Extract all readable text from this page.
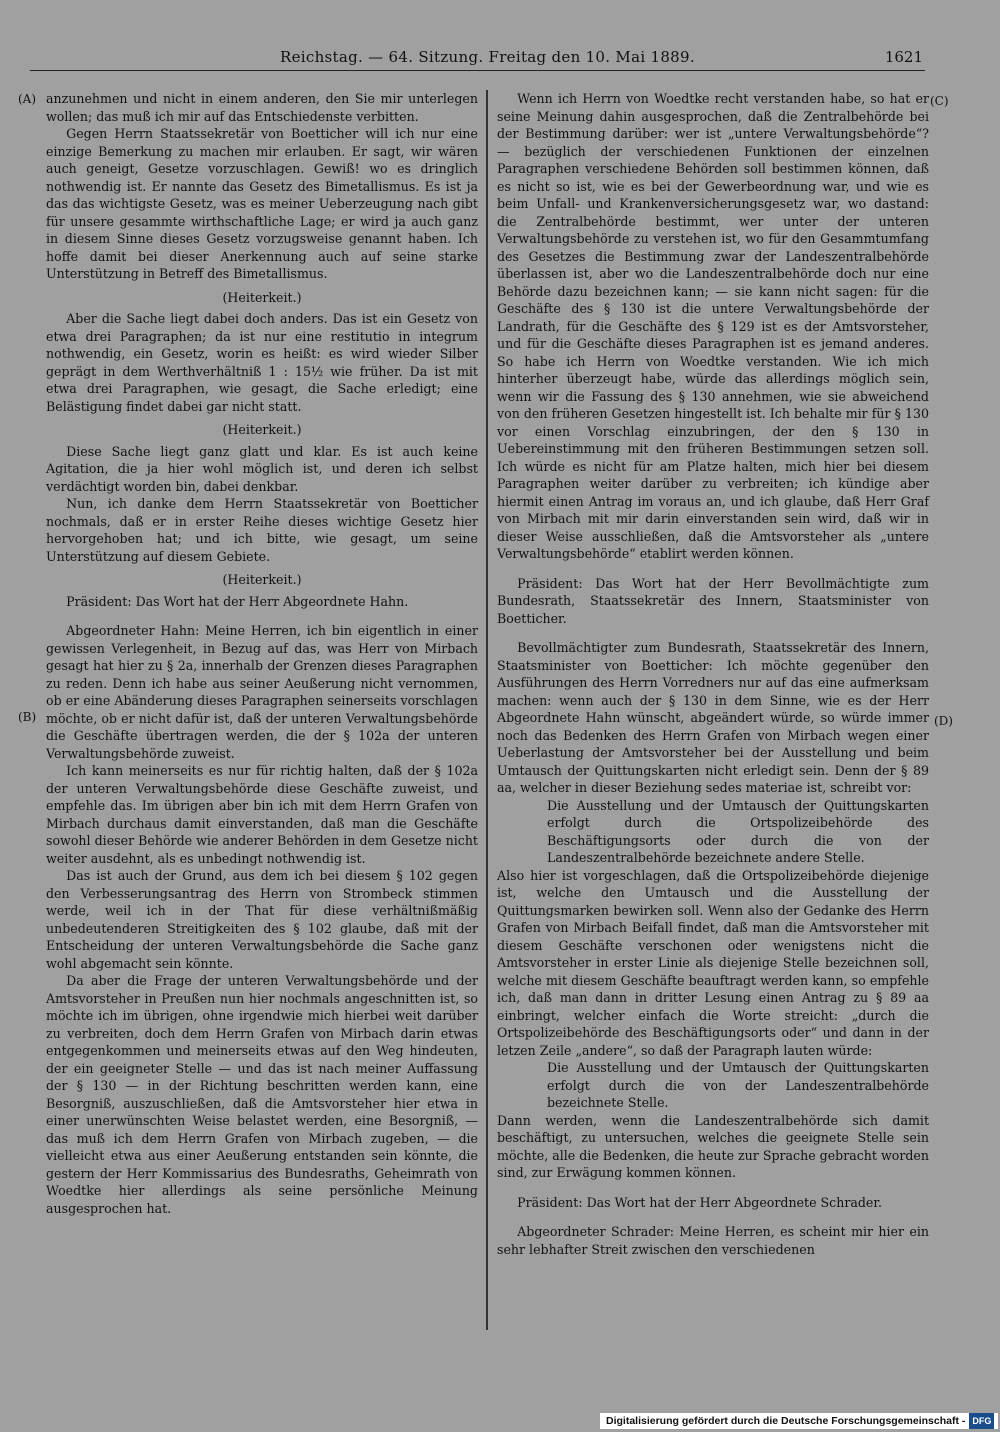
Reichstag. — 64. Sitzung. Freitag den 10. Mai 1889.	1621
(A)
(B)
(C)
(D)

anzunehmen und nicht in einem anderen, den Sie mir unterlegen wollen; das muß ich mir auf das Entschiedenste verbitten.

Gegen Herrn Staatssekretär von Boetticher will ich nur eine einzige Bemerkung zu machen mir erlauben. Er sagt, wir wären auch geneigt, Gesetze vorzuschlagen. Gewiß! wo es dringlich nothwendig ist. Er nannte das Gesetz des Bimetallismus. Es ist ja das das wichtigste Gesetz, was es meiner Ueberzeugung nach gibt für unsere gesammte wirthschaftliche Lage; er wird ja auch ganz in diesem Sinne dieses Gesetz vorzugsweise genannt haben. Ich hoffe damit bei dieser Anerkennung auch auf seine starke Unterstützung in Betreff des Bimetallismus.

(Heiterkeit.)

Aber die Sache liegt dabei doch anders. Das ist ein Gesetz von etwa drei Paragraphen; da ist nur eine restitutio in integrum nothwendig, ein Gesetz, worin es heißt: es wird wieder Silber geprägt in dem Werthverhältniß 1 : 15½ wie früher. Da ist mit etwa drei Paragraphen, wie gesagt, die Sache erledigt; eine Belästigung findet dabei gar nicht statt.

(Heiterkeit.)

Diese Sache liegt ganz glatt und klar. Es ist auch keine Agitation, die ja hier wohl möglich ist, und deren ich selbst verdächtigt worden bin, dabei denkbar.

Nun, ich danke dem Herrn Staatssekretär von Boetticher nochmals, daß er in erster Reihe dieses wichtige Gesetz hier hervorgehoben hat; und ich bitte, wie gesagt, um seine Unterstützung auf diesem Gebiete.

(Heiterkeit.)

Präsident: Das Wort hat der Herr Abgeordnete Hahn.

Abgeordneter Hahn: Meine Herren, ich bin eigentlich in einer gewissen Verlegenheit, in Bezug auf das, was Herr von Mirbach gesagt hat hier zu § 2a, innerhalb der Grenzen dieses Paragraphen zu reden. Denn ich habe aus seiner Aeußerung nicht vernommen, ob er eine Abänderung dieses Paragraphen seinerseits vorschlagen möchte, ob er nicht dafür ist, daß der unteren Verwaltungsbehörde die Geschäfte übertragen werden, die der § 102a der unteren Verwaltungsbehörde zuweist.

Ich kann meinerseits es nur für richtig halten, daß der § 102a der unteren Verwaltungsbehörde diese Geschäfte zuweist, und empfehle das. Im übrigen aber bin ich mit dem Herrn Grafen von Mirbach durchaus damit einverstanden, daß man die Geschäfte sowohl dieser Behörde wie anderer Behörden in dem Gesetze nicht weiter ausdehnt, als es unbedingt nothwendig ist.

Das ist auch der Grund, aus dem ich bei diesem § 102 gegen den Verbesserungsantrag des Herrn von Strombeck stimmen werde, weil ich in der That für diese verhältnißmäßig unbedeutenderen Streitigkeiten des § 102 glaube, daß mit der Entscheidung der unteren Verwaltungsbehörde die Sache ganz wohl abgemacht sein könnte.

Da aber die Frage der unteren Verwaltungsbehörde und der Amtsvorsteher in Preußen nun hier nochmals angeschnitten ist, so möchte ich im übrigen, ohne irgendwie mich hierbei weit darüber zu verbreiten, doch dem Herrn Grafen von Mirbach darin etwas entgegenkommen und meinerseits etwas auf den Weg hindeuten, der ein geeigneter Stelle — und das ist nach meiner Auffassung der § 130 — in der Richtung beschritten werden kann, eine Besorgniß, auszuschließen, daß die Amtsvorsteher hier etwa in einer unerwünschten Weise belastet werden, eine Besorgniß, — das muß ich dem Herrn Grafen von Mirbach zugeben, — die vielleicht etwa aus einer Aeußerung entstanden sein könnte, die gestern der Herr Kommissarius des Bundesraths, Geheimrath von Woedtke hier allerdings als seine persönliche Meinung ausgesprochen hat.

Wenn ich Herrn von Woedtke recht verstanden habe, so hat er seine Meinung dahin ausgesprochen, daß die Zentralbehörde bei der Bestimmung darüber: wer ist „untere Verwaltungsbehörde“? — bezüglich der verschiedenen Funktionen der einzelnen Paragraphen verschiedene Behörden soll bestimmen können, daß es nicht so ist, wie es bei der Gewerbeordnung war, und wie es beim Unfall- und Krankenversicherungsgesetz war, wo dastand: die Zentralbehörde bestimmt, wer unter der unteren Verwaltungsbehörde zu verstehen ist, wo für den Gesammtumfang des Gesetzes die Bestimmung zwar der Landeszentralbehörde überlassen ist, aber wo die Landeszentralbehörde doch nur eine Behörde dazu bezeichnen kann; — sie kann nicht sagen: für die Geschäfte des § 130 ist die untere Verwaltungsbehörde der Landrath, für die Geschäfte des § 129 ist es der Amtsvorsteher, und für die Geschäfte dieses Paragraphen ist es jemand anderes. So habe ich Herrn von Woedtke verstanden. Wie ich mich hinterher überzeugt habe, würde das allerdings möglich sein, wenn wir die Fassung des § 130 annehmen, wie sie abweichend von den früheren Gesetzen hingestellt ist. Ich behalte mir für § 130 vor einen Vorschlag einzubringen, der den § 130 in Uebereinstimmung mit den früheren Bestimmungen setzen soll. Ich würde es nicht für am Platze halten, mich hier bei diesem Paragraphen weiter darüber zu verbreiten; ich kündige aber hiermit einen Antrag im voraus an, und ich glaube, daß Herr Graf von Mirbach mit mir darin einverstanden sein wird, daß wir in dieser Weise ausschließen, daß die Amtsvorsteher als „untere Verwaltungsbehörde“ etablirt werden können.

Präsident: Das Wort hat der Herr Bevollmächtigte zum Bundesrath, Staatssekretär des Innern, Staatsminister von Boetticher.

Bevollmächtigter zum Bundesrath, Staatssekretär des Innern, Staatsminister von Boetticher: Ich möchte gegenüber den Ausführungen des Herrn Vorredners nur auf das eine aufmerksam machen: wenn auch der § 130 in dem Sinne, wie es der Herr Abgeordnete Hahn wünscht, abgeändert würde, so würde immer noch das Bedenken des Herrn Grafen von Mirbach wegen einer Ueberlastung der Amtsvorsteher bei der Ausstellung und beim Umtausch der Quittungskarten nicht erledigt sein. Denn der § 89 aa, welcher in dieser Beziehung sedes materiae ist, schreibt vor:

Die Ausstellung und der Umtausch der Quittungskarten erfolgt durch die Ortspolizeibehörde des Beschäftigungsorts oder durch die von der Landeszentralbehörde bezeichnete andere Stelle.

Also hier ist vorgeschlagen, daß die Ortspolizeibehörde diejenige ist, welche den Umtausch und die Ausstellung der Quittungsmarken bewirken soll. Wenn also der Gedanke des Herrn Grafen von Mirbach Beifall findet, daß man die Amtsvorsteher mit diesem Geschäfte verschonen oder wenigstens nicht die Amtsvorsteher in erster Linie als diejenige Stelle bezeichnen soll, welche mit diesem Geschäfte beauftragt werden kann, so empfehle ich, daß man dann in dritter Lesung einen Antrag zu § 89 aa einbringt, welcher einfach die Worte streicht: „durch die Ortspolizeibehörde des Beschäftigungsorts oder“ und dann in der letzen Zeile „andere“, so daß der Paragraph lauten würde:

Die Ausstellung und der Umtausch der Quittungskarten erfolgt durch die von der Landeszentralbehörde bezeichnete Stelle.

Dann werden, wenn die Landeszentralbehörde sich damit beschäftigt, zu untersuchen, welches die geeignete Stelle sein möchte, alle die Bedenken, die heute zur Sprache gebracht worden sind, zur Erwägung kommen können.

Präsident: Das Wort hat der Herr Abgeordnete Schrader.

Abgeordneter Schrader: Meine Herren, es scheint mir hier ein sehr lebhafter Streit zwischen den verschiedenen

Digitalisierung gefördert durch die Deutsche Forschungsgemeinschaft - DFG
